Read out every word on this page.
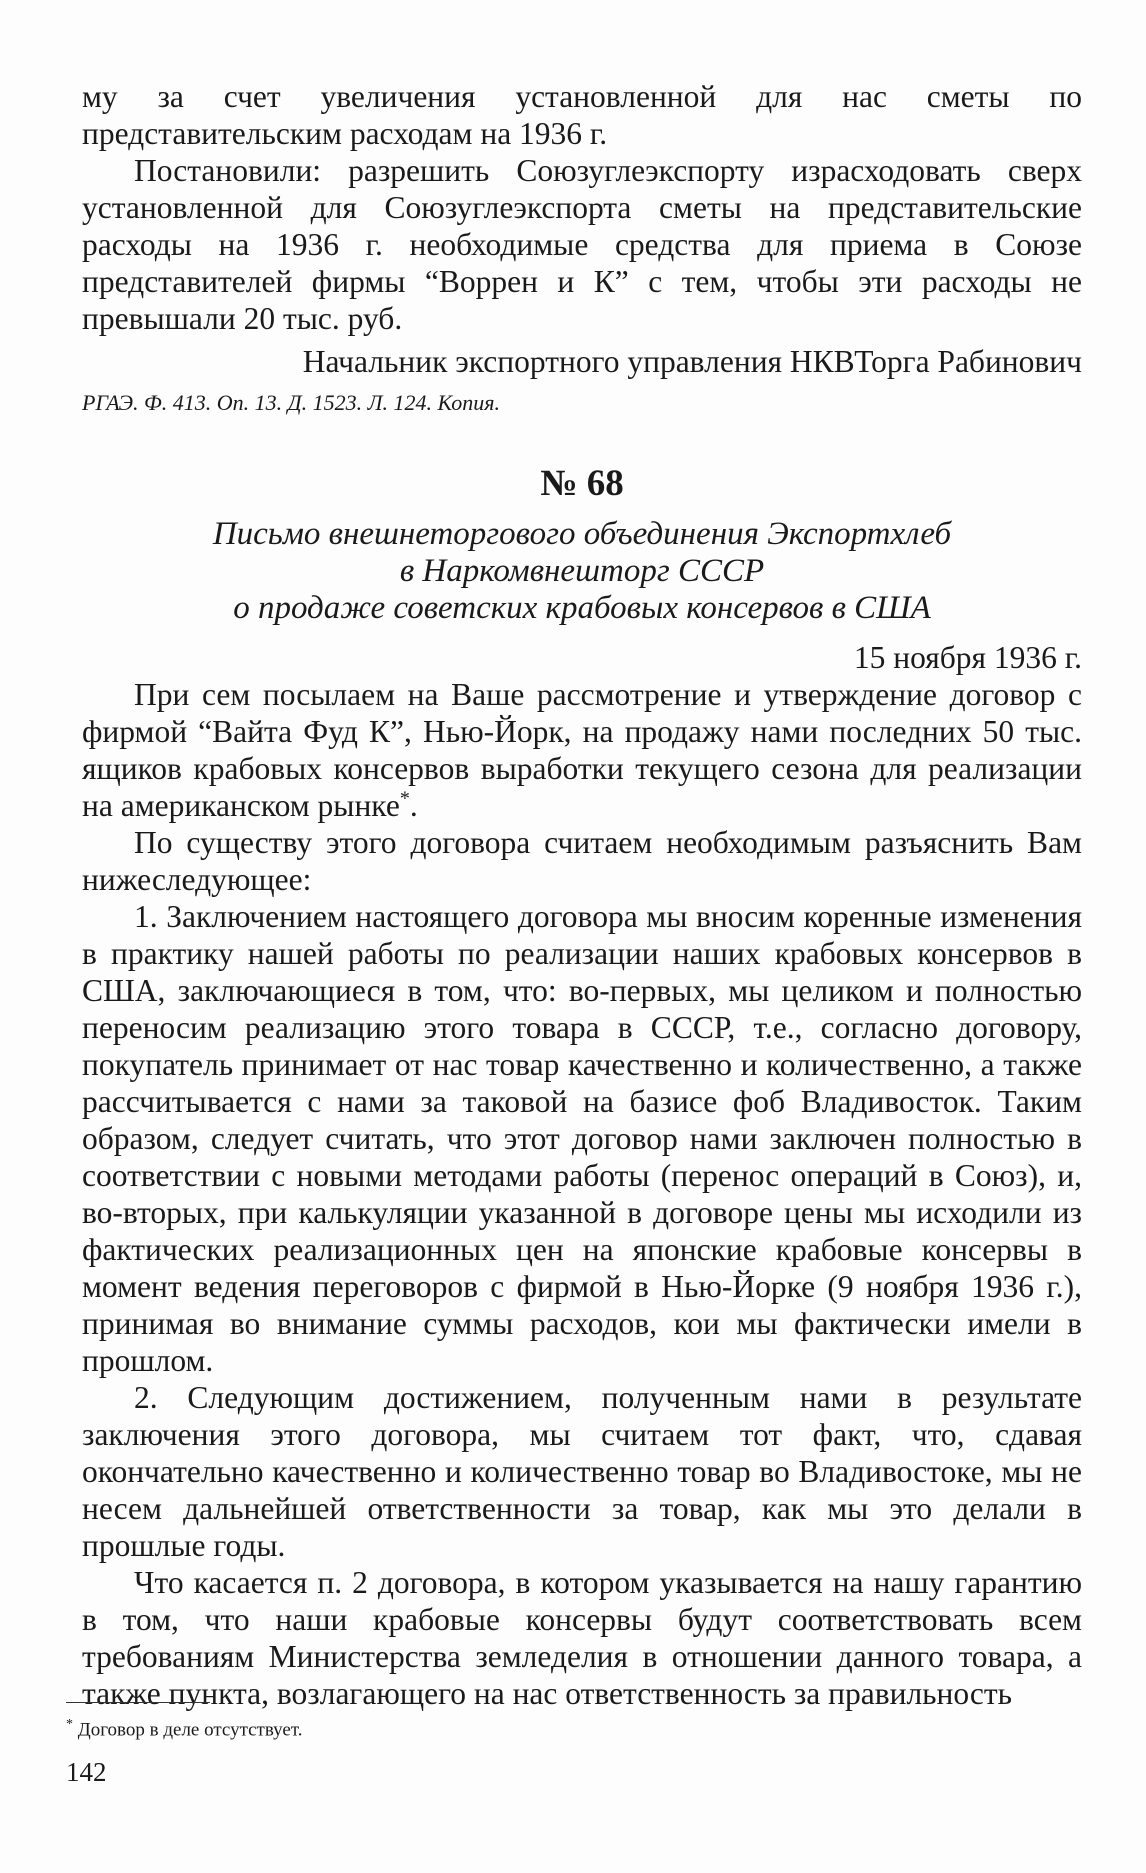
му за счет увеличения установленной для нас сметы по представительским расходам на 1936 г.

Постановили: разрешить Союзуглеэкспорту израсходовать сверх установленной для Союзуглеэкспорта сметы на представительские расходы на 1936 г. необходимые средства для приема в Союзе представителей фирмы “Воррен и К” с тем, чтобы эти расходы не превышали 20 тыс. руб.

Начальник экспортного управления НКВТорга Рабинович

РГАЭ. Ф. 413. Оп. 13. Д. 1523. Л. 124. Копия.

№ 68

Письмо внешнеторгового объединения Экспортхлеб
в Наркомвнешторг СССР
о продаже советских крабовых консервов в США

15 ноября 1936 г.

При сем посылаем на Ваше рассмотрение и утверждение договор с фирмой “Вайта Фуд К”, Нью-Йорк, на продажу нами последних 50 тыс. ящиков крабовых консервов выработки текущего сезона для реализации на американском рынке*.

По существу этого договора считаем необходимым разъяснить Вам нижеследующее:

1. Заключением настоящего договора мы вносим коренные изменения в практику нашей работы по реализации наших крабовых консервов в США, заключающиеся в том, что: во-первых, мы целиком и полностью переносим реализацию этого товара в СССР, т.е., согласно договору, покупатель принимает от нас товар качественно и количественно, а также рассчитывается с нами за таковой на базисе фоб Владивосток. Таким образом, следует считать, что этот договор нами заключен полностью в соответствии с новыми методами работы (перенос операций в Союз), и, во-вторых, при калькуляции указанной в договоре цены мы исходили из фактических реализационных цен на японские крабовые консервы в момент ведения переговоров с фирмой в Нью-Йорке (9 ноября 1936 г.), принимая во внимание суммы расходов, кои мы фактически имели в прошлом.

2. Следующим достижением, полученным нами в результате заключения этого договора, мы считаем тот факт, что, сдавая окончательно качественно и количественно товар во Владивостоке, мы не несем дальнейшей ответственности за товар, как мы это делали в прошлые годы.

Что касается п. 2 договора, в котором указывается на нашу гарантию в том, что наши крабовые консервы будут соответствовать всем требованиям Министерства земледелия в отношении данного товара, а также пункта, возлагающего на нас ответственность за правильность

* Договор в деле отсутствует.
142
